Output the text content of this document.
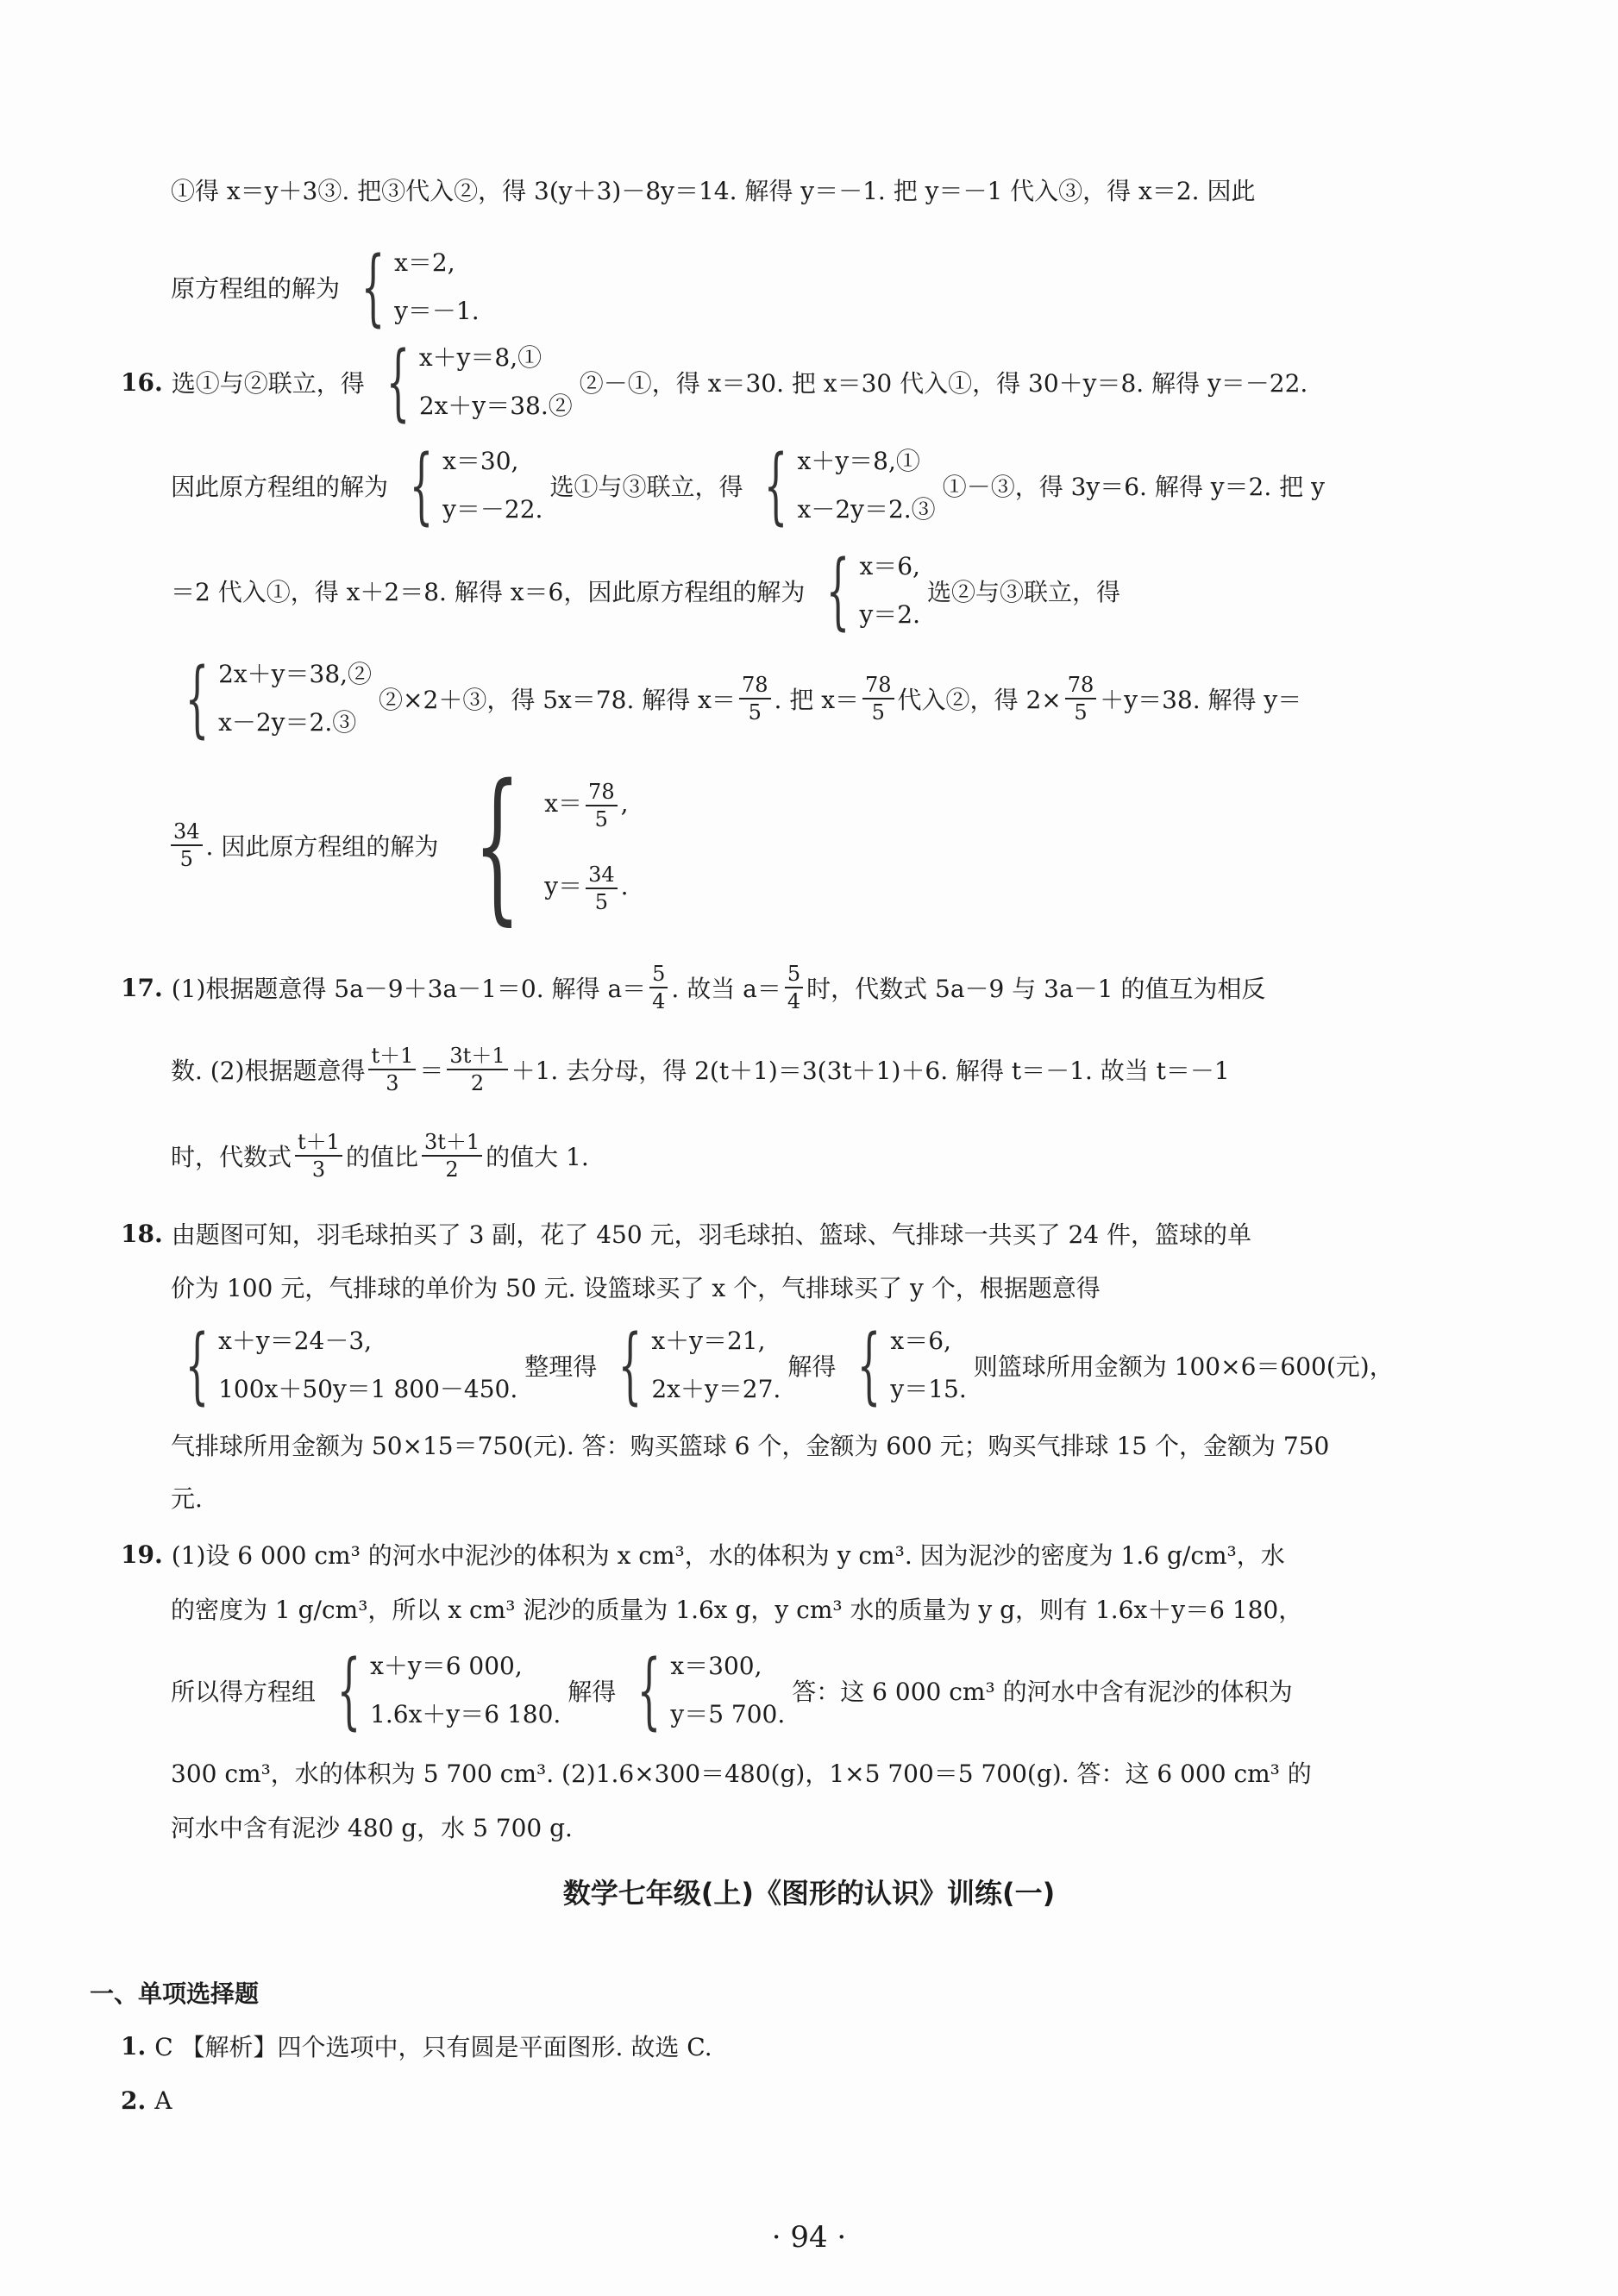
①得 x＝y＋3③. 把③代入②，得 3(y＋3)－8y＝14. 解得 y＝－1. 把 y＝－1 代入③，得 x＝2. 因此
原方程组的解为 { x＝2,
y＝－1.
16. 选①与②联立，得 { x＋y＝8,①
2x＋y＝38.②
②－①，得 x＝30. 把 x＝30 代入①，得 30＋y＝8. 解得 y＝－22.
因此原方程组的解为 { x＝30,
y＝－22.
选①与③联立，得 { x＋y＝8,①
x－2y＝2.③
①－③，得 3y＝6. 解得 y＝2. 把 y
＝2 代入①，得 x＋2＝8. 解得 x＝6，因此原方程组的解为 { x＝6,
y＝2.
选②与③联立，得
{ 2x＋y＝38,②
x－2y＝2.③
②×2＋③，得 5x＝78. 解得 $x= \frac{78}{5}$ . 把 $x= \frac{78}{5}$ 代入②，得 $2\times \frac{78}{5} +y=38$. 解得 y＝
$\frac{34}{5}$ . 因此原方程组的解为 { $x= \frac{78}{5}$ ,
$y= \frac{34}{5}$ .
17. (1)根据题意得 5a－9＋3a－1＝0. 解得 $a= \frac{5}{4}$ . 故当 $a= \frac{5}{4}$ 时，代数式 5a－9 与 3a－1 的值互为相反
数. (2)根据题意得 $\frac{t+1}{3} = \frac{3t+1}{2} +1$. 去分母，得 2(t＋1)＝3(3t＋1)＋6. 解得 t＝－1. 故当 t＝－1
时，代数式 $\frac{t+1}{3}$ 的值比 $\frac{3t+1}{2}$ 的值大 1.
18. 由题图可知，羽毛球拍买了 3 副，花了 450 元，羽毛球拍、篮球、气排球一共买了 24 件，篮球的单
价为 100 元，气排球的单价为 50 元. 设篮球买了 x 个，气排球买了 y 个，根据题意得
{ x＋y＝24－3,
100x＋50y＝1 800－450.
整理得 { x＋y＝21,
2x＋y＝27.
解得 { x＝6,
y＝15.
则篮球所用金额为 100×6＝600(元)，
气排球所用金额为 50×15＝750(元). 答：购买篮球 6 个，金额为 600 元；购买气排球 15 个，金额为 750
元.
19. (1)设 6 000 cm³ 的河水中泥沙的体积为 x cm³，水的体积为 y cm³. 因为泥沙的密度为 1.6 g/cm³，水
的密度为 1 g/cm³，所以 x cm³ 泥沙的质量为 1.6x g，y cm³ 水的质量为 y g，则有 1.6x＋y＝6 180，
所以得方程组 { x＋y＝6 000,
1.6x＋y＝6 180.
解得 { x＝300,
y＝5 700.
答：这 6 000 cm³ 的河水中含有泥沙的体积为
300 cm³，水的体积为 5 700 cm³. (2)1.6×300＝480(g)，1×5 700＝5 700(g). 答：这 6 000 cm³ 的
河水中含有泥沙 480 g，水 5 700 g.
数学七年级(上)《图形的认识》训练(一)
一、单项选择题
1. C 【解析】四个选项中，只有圆是平面图形. 故选 C.
2. A
· 94 ·
